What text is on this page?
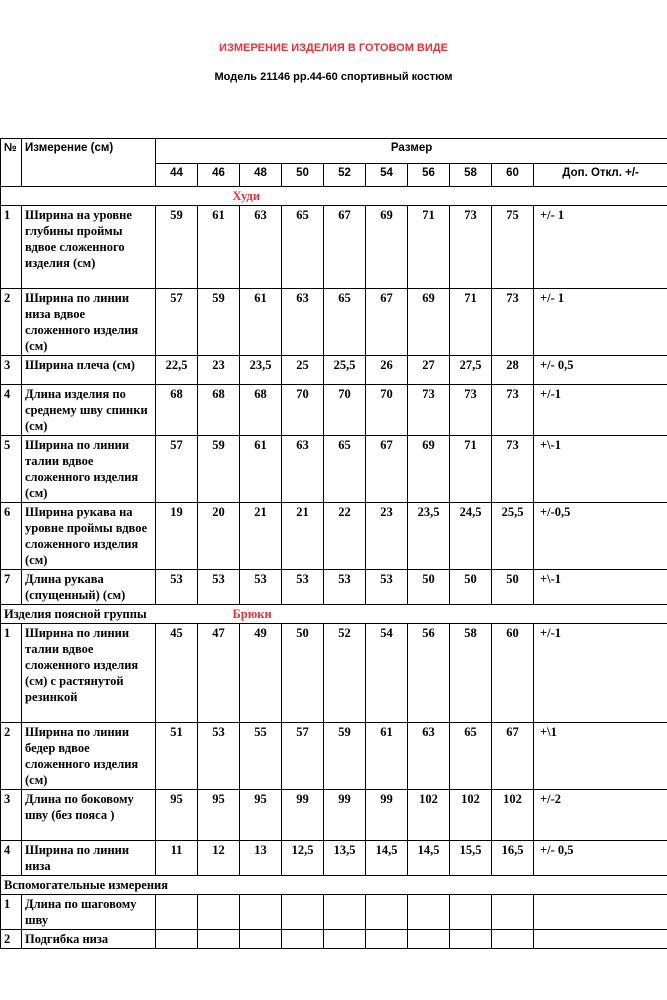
ИЗМЕРЕНИЕ ИЗДЕЛИЯ В ГОТОВОМ ВИДЕ
Модель 21146 рр.44-60 спортивный костюм
№	Измерение (см)	Размер									
		44	46	48	50	52	54	56	58	60	Доп. Откл. +/-
			Худи								
1	Ширина на уровне глубины проймы вдвое сложенного изделия (см)	59	61	63	65	67	69	71	73	75	+/- 1
2	Ширина по линии низа вдвое сложенного изделия (см)	57	59	61	63	65	67	69	71	73	+/- 1
3	Ширина плеча (см)	22,5	23	23,5	25	25,5	26	27	27,5	28	+/- 0,5
4	Длина изделия по среднему шву спинки (см)	68	68	68	70	70	70	73	73	73	+/-1
5	Ширина по линии талии вдвое сложенного изделия (см)	57	59	61	63	65	67	69	71	73	+\-1
6	Ширина рукава на уровне проймы вдвое сложенного изделия (см)	19	20	21	21	22	23	23,5	24,5	25,5	+/-0,5
7	Длина рукава (спущенный) (см)	53	53	53	53	53	53	50	50	50	+\-1
Изделия поясной группы			Брюки								
1	Ширина по линии талии вдвое сложенного изделия (см) с растянутой резинкой	45	47	49	50	52	54	56	58	60	+/-1
2	Ширина по линии бедер вдвое сложенного изделия (см)	51	53	55	57	59	61	63	65	67	+\1
3	Длина по боковому шву (без пояса )	95	95	95	99	99	99	102	102	102	+/-2
4	Ширина по линии низа	11	12	13	12,5	13,5	14,5	14,5	15,5	16,5	+/- 0,5
Вспомогательные измерения											
1	Длина по шаговому шву										
2	Подгибка низа										
